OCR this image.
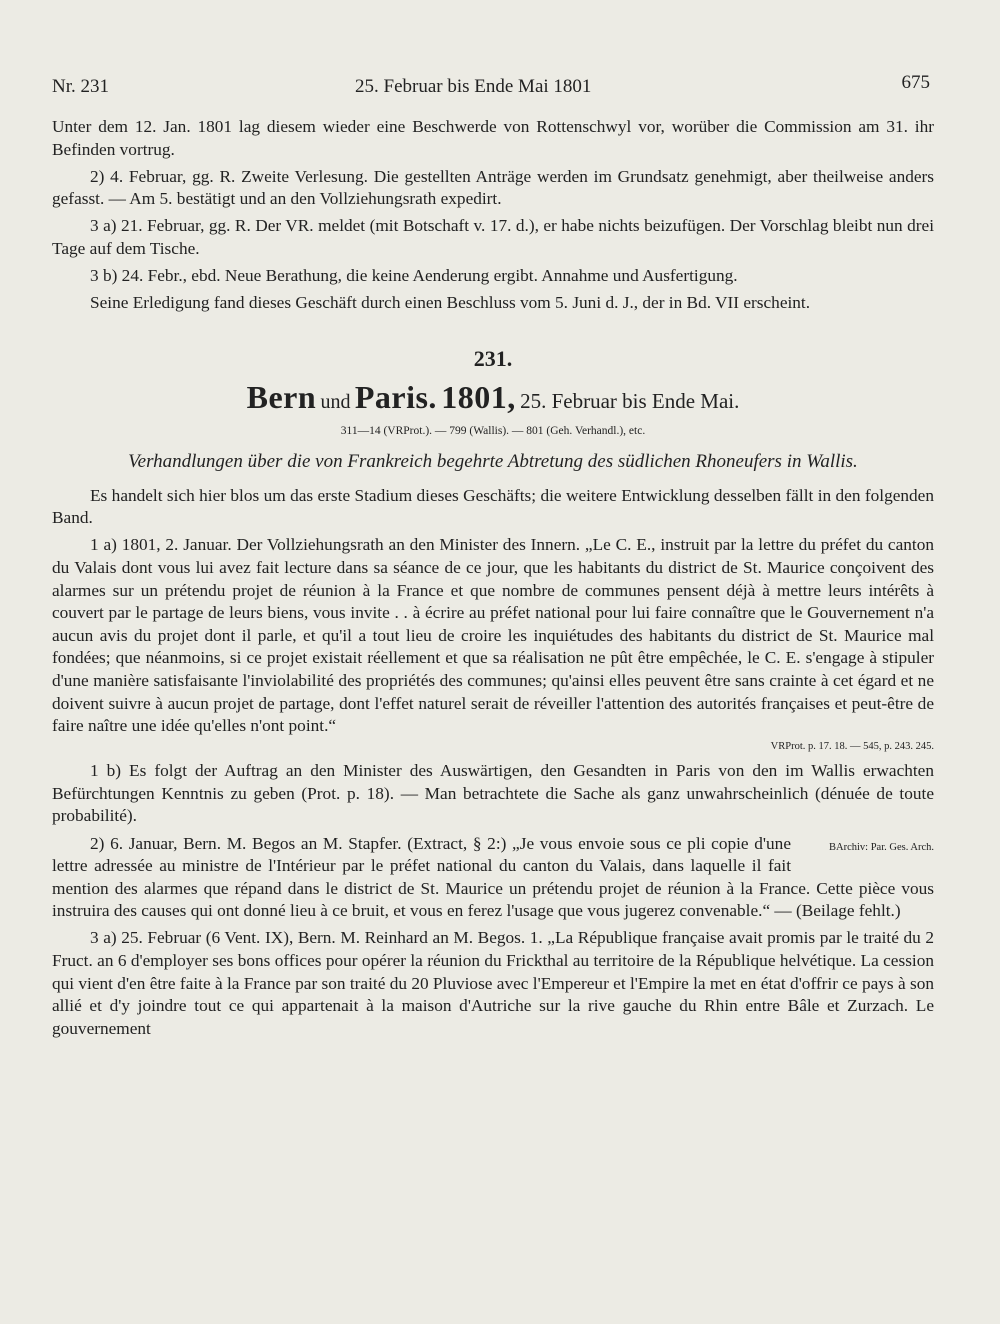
Nr. 231	25. Februar bis Ende Mai 1801	675

Unter dem 12. Jan. 1801 lag diesem wieder eine Beschwerde von Rottenschwyl vor, worüber die Commission am 31. ihr Befinden vortrug.

2) 4. Februar, gg. R. Zweite Verlesung. Die gestellten Anträge werden im Grundsatz genehmigt, aber theilweise anders gefasst. — Am 5. bestätigt und an den Vollziehungsrath expedirt.

3 a) 21. Februar, gg. R. Der VR. meldet (mit Botschaft v. 17. d.), er habe nichts beizufügen. Der Vorschlag bleibt nun drei Tage auf dem Tische.

3 b) 24. Febr., ebd. Neue Berathung, die keine Aenderung ergibt. Annahme und Ausfertigung.

Seine Erledigung fand dieses Geschäft durch einen Beschluss vom 5. Juni d. J., der in Bd. VII erscheint.

231.
Bern und Paris. 1801, 25. Februar bis Ende Mai.
311—14 (VRProt.). — 799 (Wallis). — 801 (Geh. Verhandl.), etc.
Verhandlungen über die von Frankreich begehrte Abtretung des südlichen Rhoneufers in Wallis.

Es handelt sich hier blos um das erste Stadium dieses Geschäfts; die weitere Entwicklung desselben fällt in den folgenden Band.

1 a) 1801, 2. Januar. Der Vollziehungsrath an den Minister des Innern. „Le C. E., instruit par la lettre du préfet du canton du Valais dont vous lui avez fait lecture dans sa séance de ce jour, que les habitants du district de St. Maurice conçoivent des alarmes sur un prétendu projet de réunion à la France et que nombre de communes pensent déjà à mettre leurs intérêts à couvert par le partage de leurs biens, vous invite . . à écrire au préfet national pour lui faire connaître que le Gouvernement n'a aucun avis du projet dont il parle, et qu'il a tout lieu de croire les inquiétudes des habitants du district de St. Maurice mal fondées; que néanmoins, si ce projet existait réellement et que sa réalisation ne pût être empêchée, le C. E. s'engage à stipuler d'une manière satisfaisante l'inviolabilité des propriétés des communes; qu'ainsi elles peuvent être sans crainte à cet égard et ne doivent suivre à aucun projet de partage, dont l'effet naturel serait de réveiller l'attention des autorités françaises et peut-être de faire naître une idée qu'elles n'ont point.“

VRProt. p. 17. 18. — 545, p. 243. 245.

1 b) Es folgt der Auftrag an den Minister des Auswärtigen, den Gesandten in Paris von den im Wallis erwachten Befürchtungen Kenntnis zu geben (Prot. p. 18). — Man betrachtete die Sache als ganz unwahrscheinlich (dénuée de toute probabilité).

BArchiv: Par. Ges. Arch.
2) 6. Januar, Bern. M. Begos an M. Stapfer. (Extract, § 2:) „Je vous envoie sous ce pli copie d'une lettre adressée au ministre de l'Intérieur par le préfet national du canton du Valais, dans laquelle il fait mention des alarmes que répand dans le district de St. Maurice un prétendu projet de réunion à la France. Cette pièce vous instruira des causes qui ont donné lieu à ce bruit, et vous en ferez l'usage que vous jugerez convenable.“ — (Beilage fehlt.)

3 a) 25. Februar (6 Vent. IX), Bern. M. Reinhard an M. Begos. 1. „La République française avait promis par le traité du 2 Fruct. an 6 d'employer ses bons offices pour opérer la réunion du Frickthal au territoire de la République helvétique. La cession qui vient d'en être faite à la France par son traité du 20 Pluviose avec l'Empereur et l'Empire la met en état d'offrir ce pays à son allié et d'y joindre tout ce qui appartenait à la maison d'Autriche sur la rive gauche du Rhin entre Bâle et Zurzach. Le gouvernement
